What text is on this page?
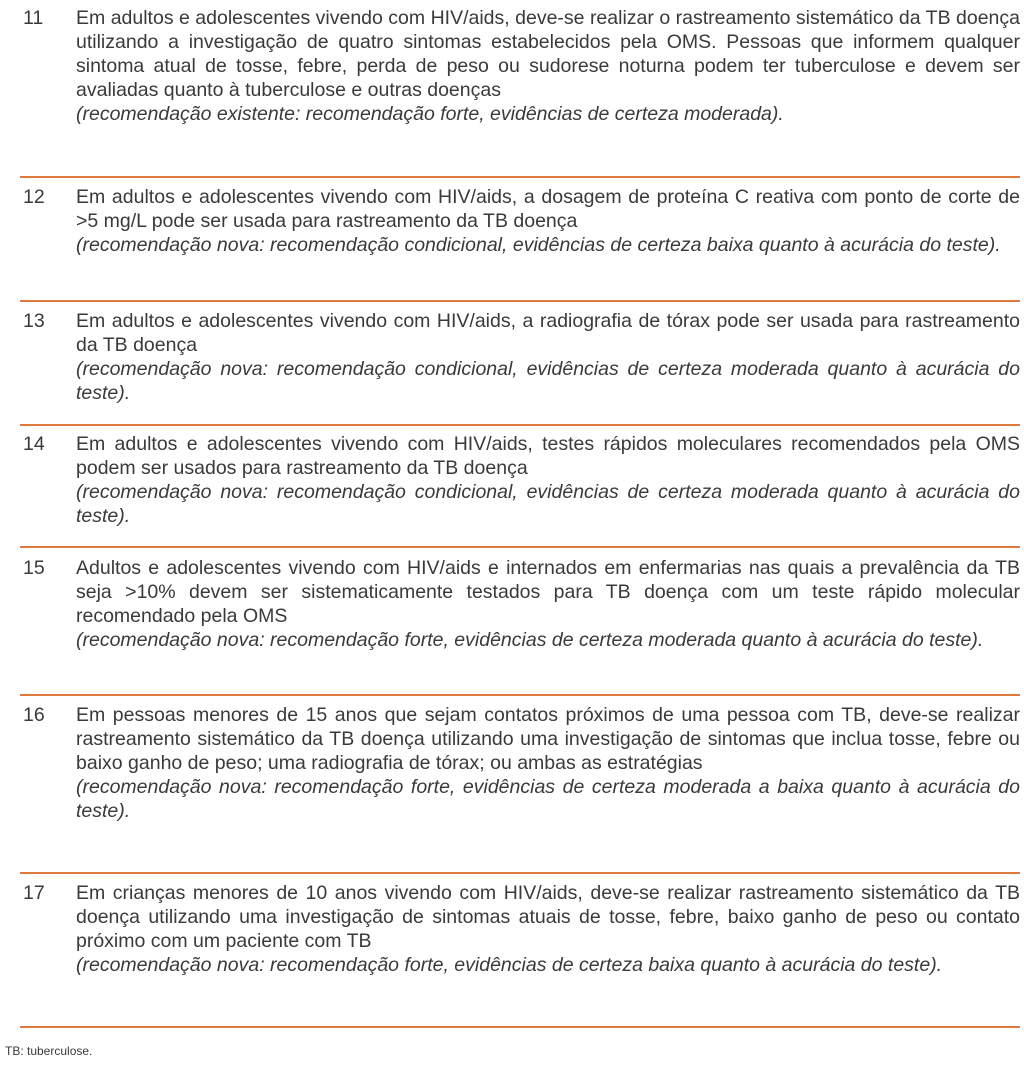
11	Em adultos e adolescentes vivendo com HIV/aids, deve-se realizar o rastreamento sistemático da TB doença utilizando a investigação de quatro sintomas estabelecidos pela OMS. Pessoas que informem qualquer sintoma atual de tosse, febre, perda de peso ou sudorese noturna podem ter tuberculose e devem ser avaliadas quanto à tuberculose e outras doenças
(recomendação existente: recomendação forte, evidências de certeza moderada).
12	Em adultos e adolescentes vivendo com HIV/aids, a dosagem de proteína C reativa com ponto de corte de >5 mg/L pode ser usada para rastreamento da TB doença
(recomendação nova: recomendação condicional, evidências de certeza baixa quanto à acurácia do teste).
13	Em adultos e adolescentes vivendo com HIV/aids, a radiografia de tórax pode ser usada para rastreamento da TB doença
(recomendação nova: recomendação condicional, evidências de certeza moderada quanto à acurácia do teste).
14	Em adultos e adolescentes vivendo com HIV/aids, testes rápidos moleculares recomendados pela OMS podem ser usados para rastreamento da TB doença
(recomendação nova: recomendação condicional, evidências de certeza moderada quanto à acurácia do teste).
15	Adultos e adolescentes vivendo com HIV/aids e internados em enfermarias nas quais a prevalência da TB seja >10% devem ser sistematicamente testados para TB doença com um teste rápido molecular recomendado pela OMS
(recomendação nova: recomendação forte, evidências de certeza moderada quanto à acurácia do teste).
16	Em pessoas menores de 15 anos que sejam contatos próximos de uma pessoa com TB, deve-se realizar rastreamento sistemático da TB doença utilizando uma investigação de sintomas que inclua tosse, febre ou baixo ganho de peso; uma radiografia de tórax; ou ambas as estratégias
(recomendação nova: recomendação forte, evidências de certeza moderada a baixa quanto à acurácia do teste).
17	Em crianças menores de 10 anos vivendo com HIV/aids, deve-se realizar rastreamento sistemático da TB doença utilizando uma investigação de sintomas atuais de tosse, febre, baixo ganho de peso ou contato próximo com um paciente com TB
(recomendação nova: recomendação forte, evidências de certeza baixa quanto à acurácia do teste).
TB: tuberculose.
